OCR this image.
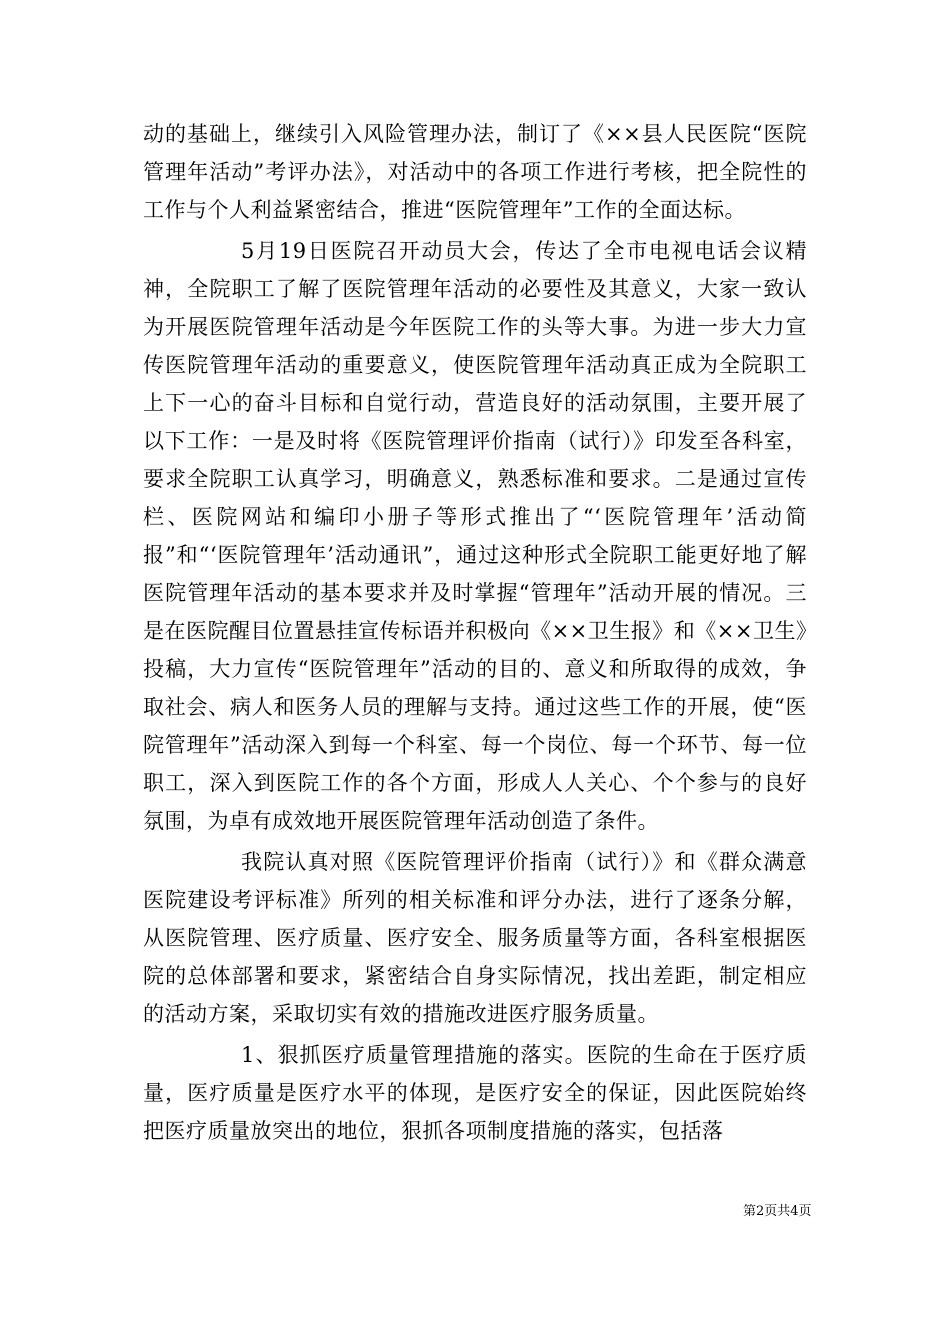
动的基础上，继续引入风险管理办法，制订了《××县人民医院“医院管理年活动”考评办法》，对活动中的各项工作进行考核，把全院性的工作与个人利益紧密结合，推进“医院管理年”工作的全面达标。

5月19日医院召开动员大会，传达了全市电视电话会议精神，全院职工了解了医院管理年活动的必要性及其意义，大家一致认为开展医院管理年活动是今年医院工作的头等大事。为进一步大力宣传医院管理年活动的重要意义，使医院管理年活动真正成为全院职工上下一心的奋斗目标和自觉行动，营造良好的活动氛围，主要开展了以下工作：一是及时将《医院管理评价指南（试行）》印发至各科室，要求全院职工认真学习，明确意义，熟悉标准和要求。二是通过宣传栏、医院网站和编印小册子等形式推出了“‘医院管理年’活动简报”和“‘医院管理年’活动通讯”，通过这种形式全院职工能更好地了解医院管理年活动的基本要求并及时掌握“管理年”活动开展的情况。三是在医院醒目位置悬挂宣传标语并积极向《××卫生报》和《××卫生》投稿，大力宣传“医院管理年”活动的目的、意义和所取得的成效，争取社会、病人和医务人员的理解与支持。通过这些工作的开展，使“医院管理年”活动深入到每一个科室、每一个岗位、每一个环节、每一位职工，深入到医院工作的各个方面，形成人人关心、个个参与的良好氛围，为卓有成效地开展医院管理年活动创造了条件。

我院认真对照《医院管理评价指南（试行）》和《群众满意医院建设考评标准》所列的相关标准和评分办法，进行了逐条分解，从医院管理、医疗质量、医疗安全、服务质量等方面，各科室根据医院的总体部署和要求，紧密结合自身实际情况，找出差距，制定相应的活动方案，采取切实有效的措施改进医疗服务质量。

1、狠抓医疗质量管理措施的落实。医院的生命在于医疗质量，医疗质量是医疗水平的体现，是医疗安全的保证，因此医院始终把医疗质量放突出的地位，狠抓各项制度措施的落实，包括落

第2页共4页
